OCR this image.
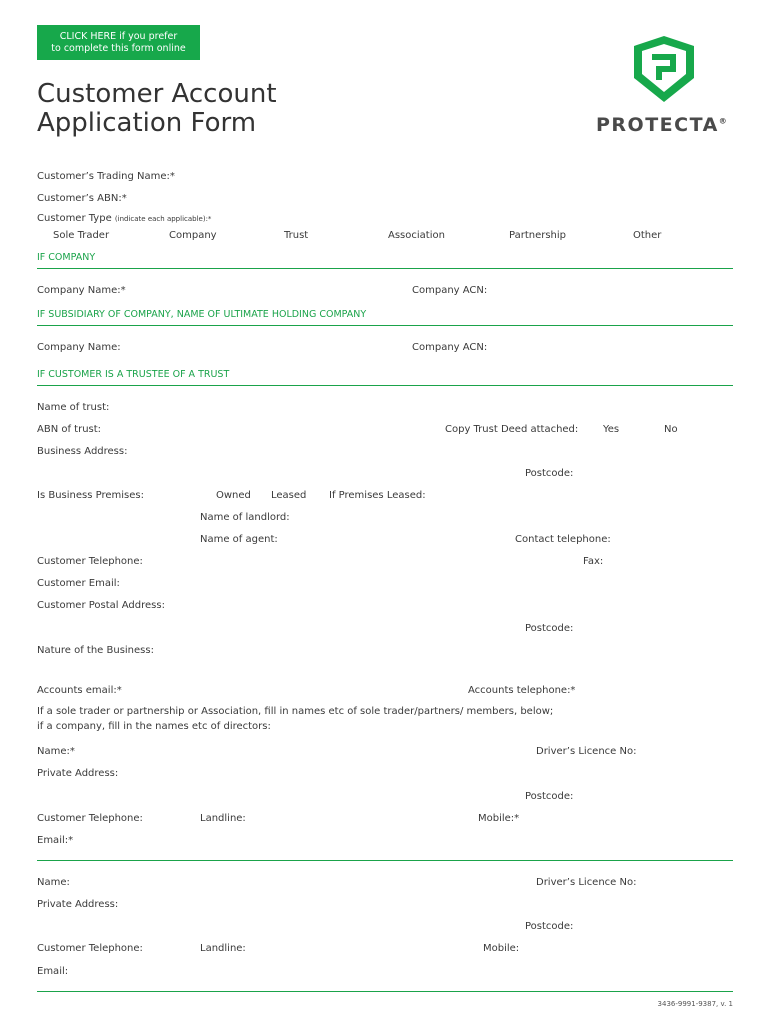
CLICK HERE if you prefer
to complete this form online
Customer Account
Application Form	PROTECTA®
Customer’s Trading Name:*
Customer’s ABN:*
Customer Type (indicate each applicable):*
Sole Trader	Company	Trust	Association	Partnership	Other
IF COMPANY
Company Name:*	Company ACN:
IF SUBSIDIARY OF COMPANY, NAME OF ULTIMATE HOLDING COMPANY
Company Name:	Company ACN:
IF CUSTOMER IS A TRUSTEE OF A TRUST
Name of trust:
ABN of trust:	Copy Trust Deed attached: Yes	No
Business Address:
Postcode:
Is Business Premises:	Owned Leased If Premises Leased:
Name of landlord:
Name of agent:	Contact telephone:
Customer Telephone:	Fax:
Customer Email:
Customer Postal Address:
Postcode:
Nature of the Business:
Accounts email:*	Accounts telephone:*
If a sole trader or partnership or Association, fill in names etc of sole trader/partners/ members, below;
if a company, fill in the names etc of directors:
Name:*	Driver’s Licence No:
Private Address:
Postcode:
Customer Telephone:	Landline:	Mobile:*
Email:*
Name:	Driver’s Licence No:
Private Address:
Postcode:
Customer Telephone:	Landline:	Mobile:
Email:
3436-9991-9387, v. 1
